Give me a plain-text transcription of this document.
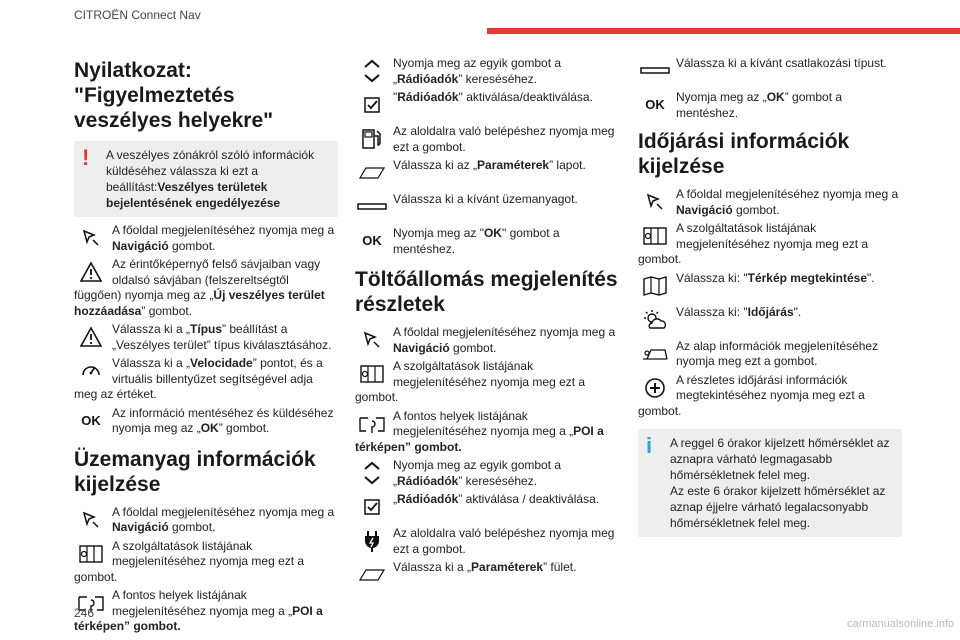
CITROËN Connect Nav
Nyilatkozat: "Figyelmeztetés veszélyes helyekre"
!	A veszélyes zónákról szóló információk küldéséhez válassza ki ezt a beállítást:Veszélyes területek bejelentésének engedélyezése
A főoldal megjelenítéséhez nyomja meg a Navigáció gombot.
Az érintőképernyő felső sávjaiban vagy oldalsó sávjában (felszereltségtől függően) nyomja meg az „Új veszélyes terület hozzáadása” gombot.
Válassza ki a „Típus” beállítást a „Veszélyes terület” típus kiválasztásához.
Válassza ki a „Velocidade” pontot, és a virtuális billentyűzet segítségével adja meg az értéket.
OK
Az információ mentéséhez és küldéséhez nyomja meg az „OK” gombot.
Üzemanyag információk kijelzése
A főoldal megjelenítéséhez nyomja meg a Navigáció gombot.
A szolgáltatások listájának megjelenítéséhez nyomja meg ezt a gombot.
A fontos helyek listájának megjelenítéséhez nyomja meg a „POI a térképen” gombot.
Nyomja meg az egyik gombot a „Rádióadók” kereséséhez.
"Rádióadók" aktiválása/deaktiválása.
Az aloldalra való belépéshez nyomja meg ezt a gombot.
Válassza ki az „Paraméterek” lapot.
Válassza ki a kívánt üzemanyagot.
OK
Nyomja meg az "OK" gombot a mentéshez.
Töltőállomás megjelenítés részletek
A főoldal megjelenítéséhez nyomja meg a Navigáció gombot.
A szolgáltatások listájának megjelenítéséhez nyomja meg ezt a gombot.
A fontos helyek listájának megjelenítéséhez nyomja meg a „POI a térképen” gombot.
Nyomja meg az egyik gombot a „Rádióadók” kereséséhez.
„Rádióadók” aktiválása / deaktiválása.
Az aloldalra való belépéshez nyomja meg ezt a gombot.
Válassza ki a „Paraméterek” fület.
Válassza ki a kívánt csatlakozási típust.
OK
Nyomja meg az „OK” gombot a mentéshez.
Időjárási információk kijelzése
A főoldal megjelenítéséhez nyomja meg a Navigáció gombot.
A szolgáltatások listájának megjelenítéséhez nyomja meg ezt a gombot.
Válassza ki: "Térkép megtekintése".
Válassza ki: "Időjárás".
Az alap információk megjelenítéséhez nyomja meg ezt a gombot.
A részletes időjárási információk megtekintéséhez nyomja meg ezt a gombot.
i A reggel 6 órakor kijelzett hőmérséklet az aznapra várható legmagasabb hőmérsékletnek felel meg.
Az este 6 órakor kijelzett hőmérséklet az aznap éjjelre várható legalacsonyabb hőmérsékletnek felel meg.
246
carmanualsonline.info
